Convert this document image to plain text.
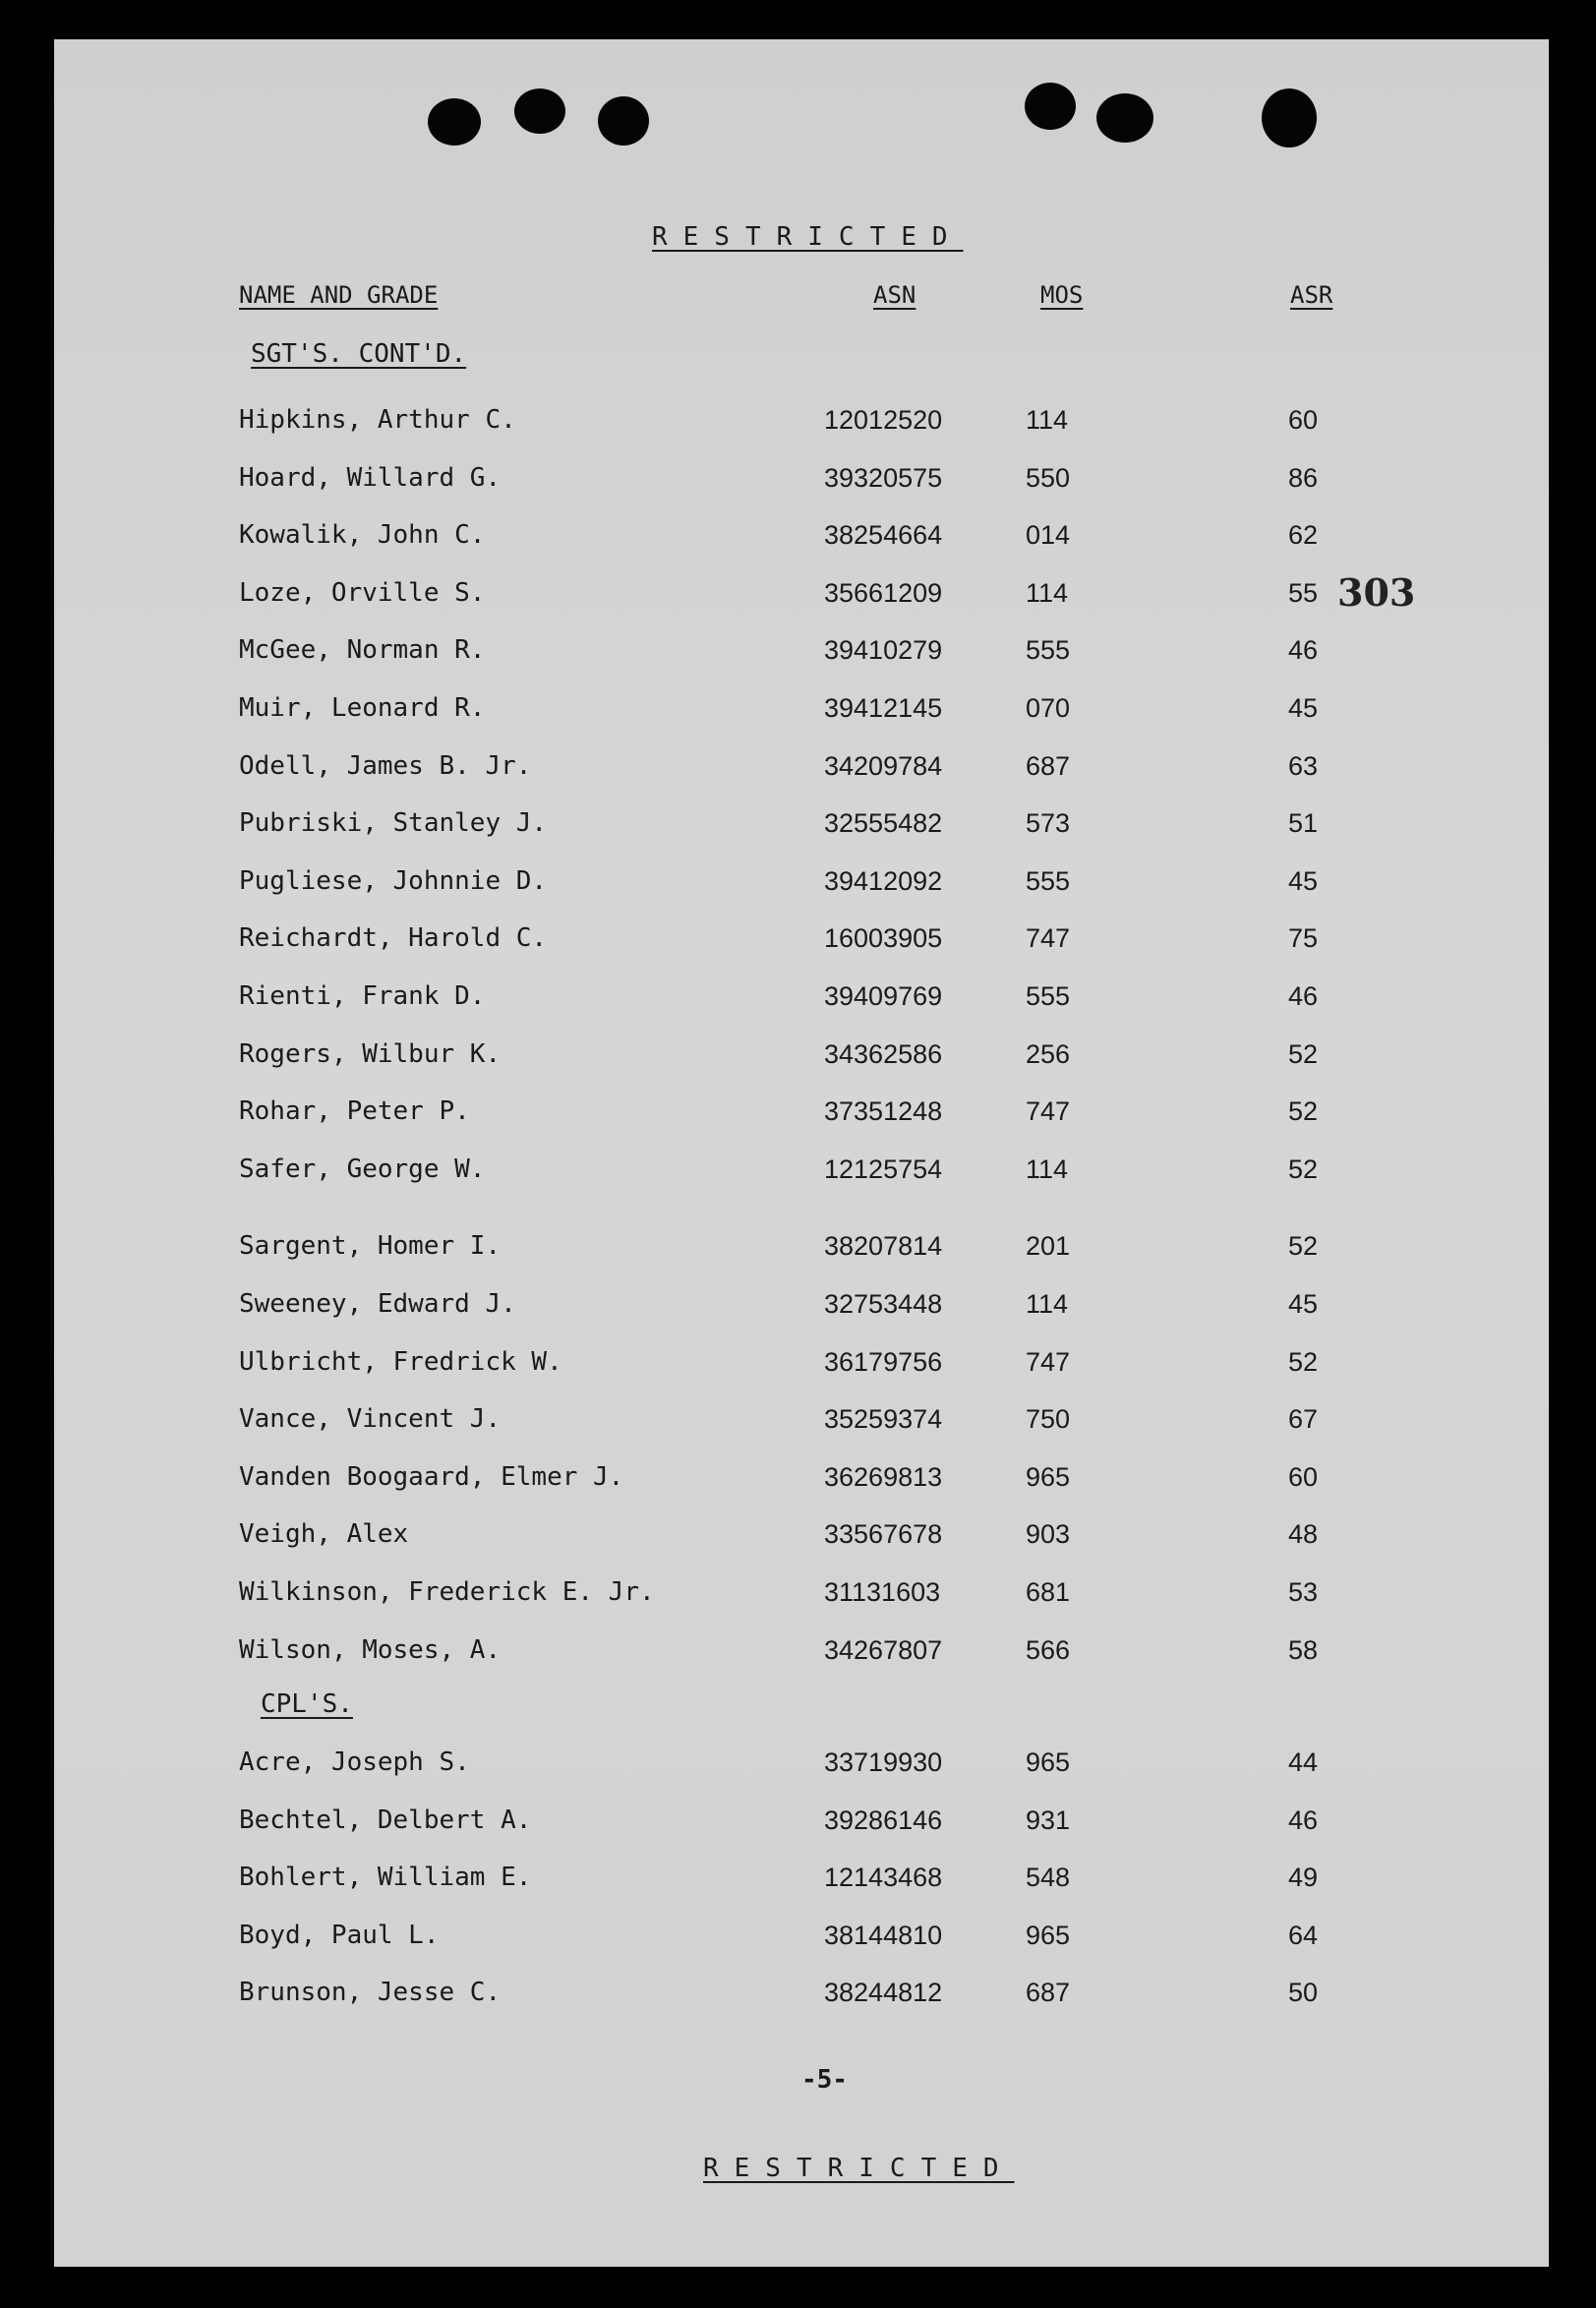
RESTRICTED
NAME AND GRADE	ASN	MOS	ASR
303
SGT'S. CONT'D.
Hipkins, Arthur C.	12012520	114	60
Hoard, Willard G.	39320575	550	86
Kowalik, John C.	38254664	014	62
Loze, Orville S.	35661209	114	55
McGee, Norman R.	39410279	555	46
Muir, Leonard R.	39412145	070	45
Odell, James B. Jr.	34209784	687	63
Pubriski, Stanley J.	32555482	573	51
Pugliese, Johnnie D.	39412092	555	45
Reichardt, Harold C.	16003905	747	75
Rienti, Frank D.	39409769	555	46
Rogers, Wilbur K.	34362586	256	52
Rohar, Peter P.	37351248	747	52
Safer, George W.	12125754	114	52
Sargent, Homer I.	38207814	201	52
Sweeney, Edward J.	32753448	114	45
Ulbricht, Fredrick W.	36179756	747	52
Vance, Vincent J.	35259374	750	67
Vanden Boogaard, Elmer J.	36269813	965	60
Veigh, Alex	33567678	903	48
Wilkinson, Frederick E. Jr.	31131603	681	53
Wilson, Moses, A.	34267807	566	58
CPL'S.
Acre, Joseph S.	33719930	965	44
Bechtel, Delbert A.	39286146	931	46
Bohlert, William E.	12143468	548	49
Boyd, Paul L.	38144810	965	64
Brunson, Jesse C.	38244812	687	50
-5-
RESTRICTED
